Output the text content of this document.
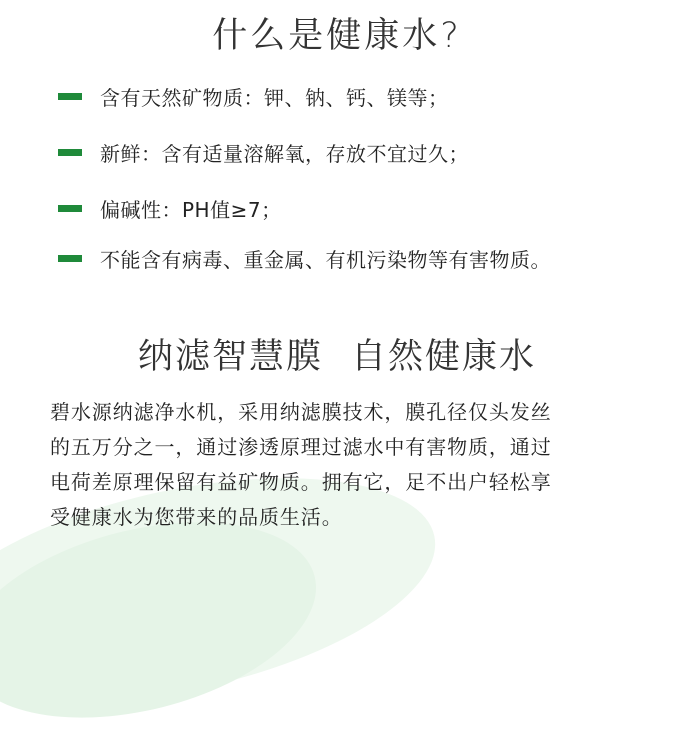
什么是健康水?
含有天然矿物质：钾、钠、钙、镁等；
新鲜：含有适量溶解氧，存放不宜过久；
偏碱性：PH值≥7；
不能含有病毒、重金属、有机污染物等有害物质。
纳滤智慧膜 自然健康水

碧水源纳滤净水机，采用纳滤膜技术，膜孔径仅头发丝
的五万分之一，通过渗透原理过滤水中有害物质，通过
电荷差原理保留有益矿物质。拥有它，足不出户轻松享
受健康水为您带来的品质生活。
